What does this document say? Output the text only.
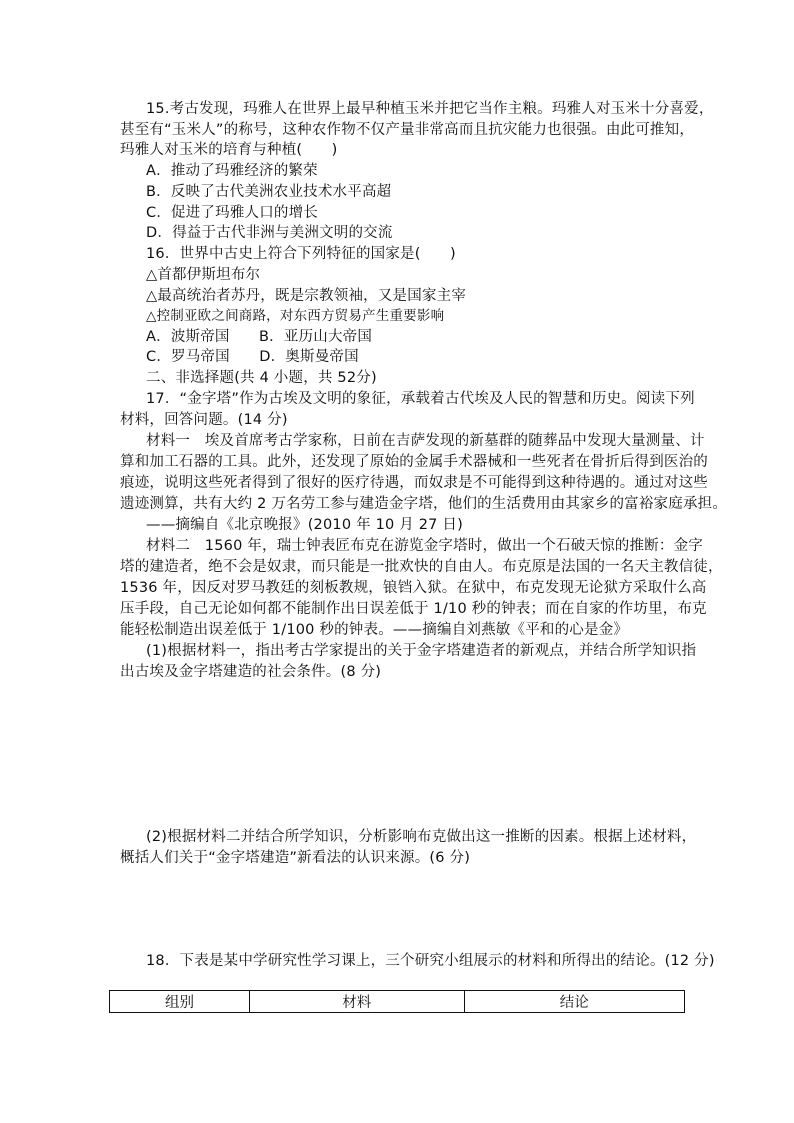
15.考古发现，玛雅人在世界上最早种植玉米并把它当作主粮。玛雅人对玉米十分喜爱，
甚至有“玉米人”的称号，这种农作物不仅产量非常高而且抗灾能力也很强。由此可推知，
玛雅人对玉米的培育与种植(　　)
A．推动了玛雅经济的繁荣
B．反映了古代美洲农业技术水平高超
C．促进了玛雅人口的增长
D．得益于古代非洲与美洲文明的交流
16．世界中古史上符合下列特征的国家是(　　)
△首都伊斯坦布尔
△最高统治者苏丹，既是宗教领袖，又是国家主宰
△控制亚欧之间商路，对东西方贸易产生重要影响
A．波斯帝国　　B．亚历山大帝国
C．罗马帝国　　D．奥斯曼帝国
二、非选择题(共 4 小题，共 52分)
17．“金字塔”作为古埃及文明的象征，承载着古代埃及人民的智慧和历史。阅读下列
材料，回答问题。(14 分)
材料一　埃及首席考古学家称，日前在吉萨发现的新墓群的随葬品中发现大量测量、计
算和加工石器的工具。此外，还发现了原始的金属手术器械和一些死者在骨折后得到医治的
痕迹，说明这些死者得到了很好的医疗待遇，而奴隶是不可能得到这种待遇的。通过对这些
遗迹测算，共有大约 2 万名劳工参与建造金字塔，他们的生活费用由其家乡的富裕家庭承担。
——摘编自《北京晚报》(2010 年 10 月 27 日)
材料二　1560 年，瑞士钟表匠布克在游览金字塔时，做出一个石破天惊的推断：金字
塔的建造者，绝不会是奴隶，而只能是一批欢快的自由人。布克原是法国的一名天主教信徒，
1536 年，因反对罗马教廷的刻板教规，锒铛入狱。在狱中，布克发现无论狱方采取什么高
压手段，自己无论如何都不能制作出日误差低于 1/10 秒的钟表；而在自家的作坊里，布克
能轻松制造出误差低于 1/100 秒的钟表。——摘编自刘燕敏《平和的心是金》
(1)根据材料一，指出考古学家提出的关于金字塔建造者的新观点，并结合所学知识指
出古埃及金字塔建造的社会条件。(8 分)
(2)根据材料二并结合所学知识，分析影响布克做出这一推断的因素。根据上述材料，
概括人们关于“金字塔建造”新看法的认识来源。(6 分)
18．下表是某中学研究性学习课上，三个研究小组展示的材料和所得出的结论。(12 分)
组别	材料	结论
